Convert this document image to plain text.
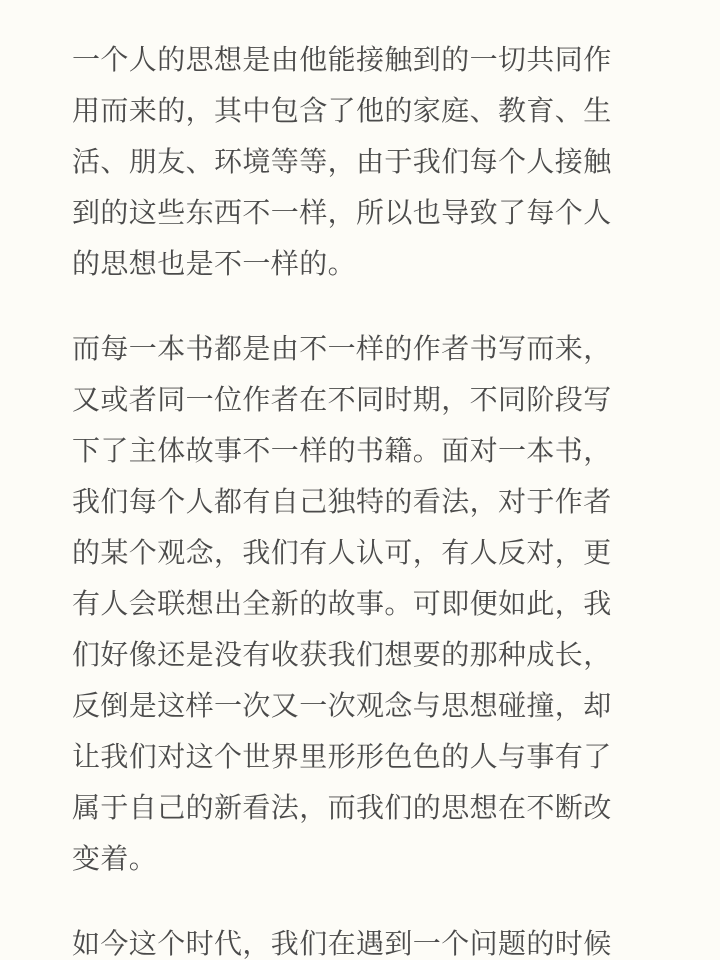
一个人的思想是由他能接触到的一切共同作
用而来的，其中包含了他的家庭、教育、生
活、朋友、环境等等，由于我们每个人接触
到的这些东西不一样，所以也导致了每个人
的思想也是不一样的。
而每一本书都是由不一样的作者书写而来，
又或者同一位作者在不同时期，不同阶段写
下了主体故事不一样的书籍。面对一本书，
我们每个人都有自己独特的看法，对于作者
的某个观念，我们有人认可，有人反对，更
有人会联想出全新的故事。可即便如此，我
们好像还是没有收获我们想要的那种成长，
反倒是这样一次又一次观念与思想碰撞，却
让我们对这个世界里形形色色的人与事有了
属于自己的新看法，而我们的思想在不断改
变着。
如今这个时代，我们在遇到一个问题的时候
